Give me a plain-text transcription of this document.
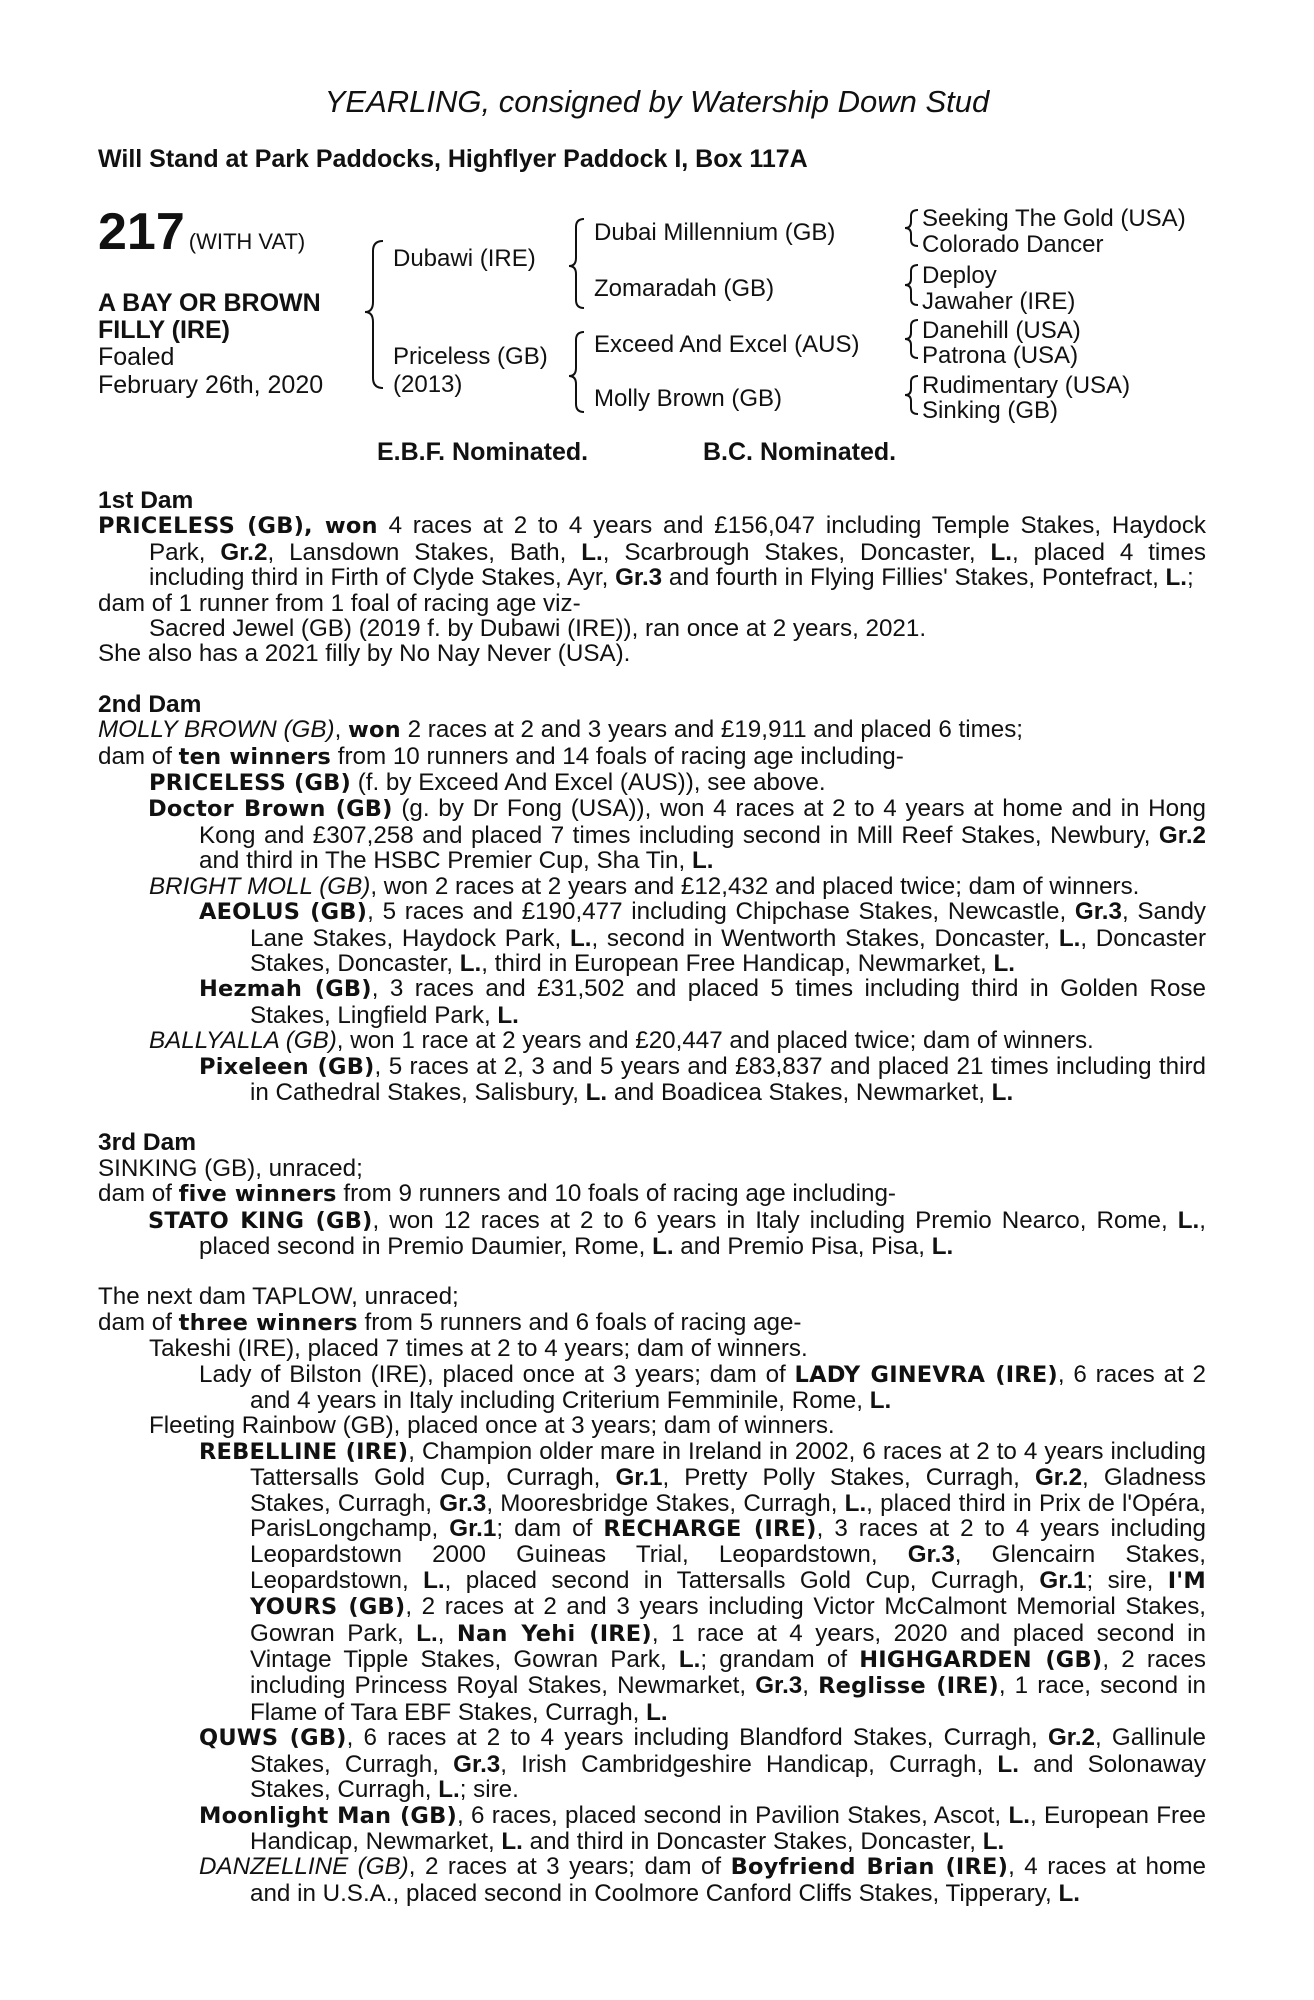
YEARLING, consigned by Watership Down Stud
Will Stand at Park Paddocks, Highflyer Paddock I, Box 117A
217 (WITH VAT)
A BAY OR BROWN
FILLY (IRE)
Foaled
February 26th, 2020
Dubawi (IRE)
Priceless (GB)
(2013)
Dubai Millennium (GB)
Zomaradah (GB)
Exceed And Excel (AUS)
Molly Brown (GB)
Seeking The Gold (USA)
Colorado Dancer
Deploy
Jawaher (IRE)
Danehill (USA)
Patrona (USA)
Rudimentary (USA)
Sinking (GB)
E.B.F. Nominated.	B.C. Nominated.

1st Dam

PRICELESS (GB), won 4 races at 2 to 4 years and £156,047 including Temple Stakes, Haydock Park, Gr.2, Lansdown Stakes, Bath, L., Scarbrough Stakes, Doncaster, L., placed 4 times including third in Firth of Clyde Stakes, Ayr, Gr.3 and fourth in Flying Fillies' Stakes, Pontefract, L.;

dam of 1 runner from 1 foal of racing age viz-

Sacred Jewel (GB) (2019 f. by Dubawi (IRE)), ran once at 2 years, 2021.

She also has a 2021 filly by No Nay Never (USA).

2nd Dam

MOLLY BROWN (GB), won 2 races at 2 and 3 years and £19,911 and placed 6 times;

dam of ten winners from 10 runners and 14 foals of racing age including-

PRICELESS (GB) (f. by Exceed And Excel (AUS)), see above.

Doctor Brown (GB) (g. by Dr Fong (USA)), won 4 races at 2 to 4 years at home and in Hong Kong and £307,258 and placed 7 times including second in Mill Reef Stakes, Newbury, Gr.2 and third in The HSBC Premier Cup, Sha Tin, L.

BRIGHT MOLL (GB), won 2 races at 2 years and £12,432 and placed twice; dam of winners.

AEOLUS (GB), 5 races and £190,477 including Chipchase Stakes, Newcastle, Gr.3, Sandy Lane Stakes, Haydock Park, L., second in Wentworth Stakes, Doncaster, L., Doncaster Stakes, Doncaster, L., third in European Free Handicap, Newmarket, L.

Hezmah (GB), 3 races and £31,502 and placed 5 times including third in Golden Rose Stakes, Lingfield Park, L.

BALLYALLA (GB), won 1 race at 2 years and £20,447 and placed twice; dam of winners.

Pixeleen (GB), 5 races at 2, 3 and 5 years and £83,837 and placed 21 times including third in Cathedral Stakes, Salisbury, L. and Boadicea Stakes, Newmarket, L.

3rd Dam

SINKING (GB), unraced;

dam of five winners from 9 runners and 10 foals of racing age including-

STATO KING (GB), won 12 races at 2 to 6 years in Italy including Premio Nearco, Rome, L., placed second in Premio Daumier, Rome, L. and Premio Pisa, Pisa, L.

The next dam TAPLOW, unraced;

dam of three winners from 5 runners and 6 foals of racing age-

Takeshi (IRE), placed 7 times at 2 to 4 years; dam of winners.

Lady of Bilston (IRE), placed once at 3 years; dam of LADY GINEVRA (IRE), 6 races at 2 and 4 years in Italy including Criterium Femminile, Rome, L.

Fleeting Rainbow (GB), placed once at 3 years; dam of winners.

REBELLINE (IRE), Champion older mare in Ireland in 2002, 6 races at 2 to 4 years including Tattersalls Gold Cup, Curragh, Gr.1, Pretty Polly Stakes, Curragh, Gr.2, Gladness Stakes, Curragh, Gr.3, Mooresbridge Stakes, Curragh, L., placed third in Prix de l'Opéra, ParisLongchamp, Gr.1; dam of RECHARGE (IRE), 3 races at 2 to 4 years including Leopardstown 2000 Guineas Trial, Leopardstown, Gr.3, Glencairn Stakes, Leopardstown, L., placed second in Tattersalls Gold Cup, Curragh, Gr.1; sire, I'M YOURS (GB), 2 races at 2 and 3 years including Victor McCalmont Memorial Stakes, Gowran Park, L., Nan Yehi (IRE), 1 race at 4 years, 2020 and placed second in Vintage Tipple Stakes, Gowran Park, L.; grandam of HIGHGARDEN (GB), 2 races including Princess Royal Stakes, Newmarket, Gr.3, Reglisse (IRE), 1 race, second in Flame of Tara EBF Stakes, Curragh, L.

QUWS (GB), 6 races at 2 to 4 years including Blandford Stakes, Curragh, Gr.2, Gallinule Stakes, Curragh, Gr.3, Irish Cambridgeshire Handicap, Curragh, L. and Solonaway Stakes, Curragh, L.; sire.

Moonlight Man (GB), 6 races, placed second in Pavilion Stakes, Ascot, L., European Free Handicap, Newmarket, L. and third in Doncaster Stakes, Doncaster, L.

DANZELLINE (GB), 2 races at 3 years; dam of Boyfriend Brian (IRE), 4 races at home and in U.S.A., placed second in Coolmore Canford Cliffs Stakes, Tipperary, L.
